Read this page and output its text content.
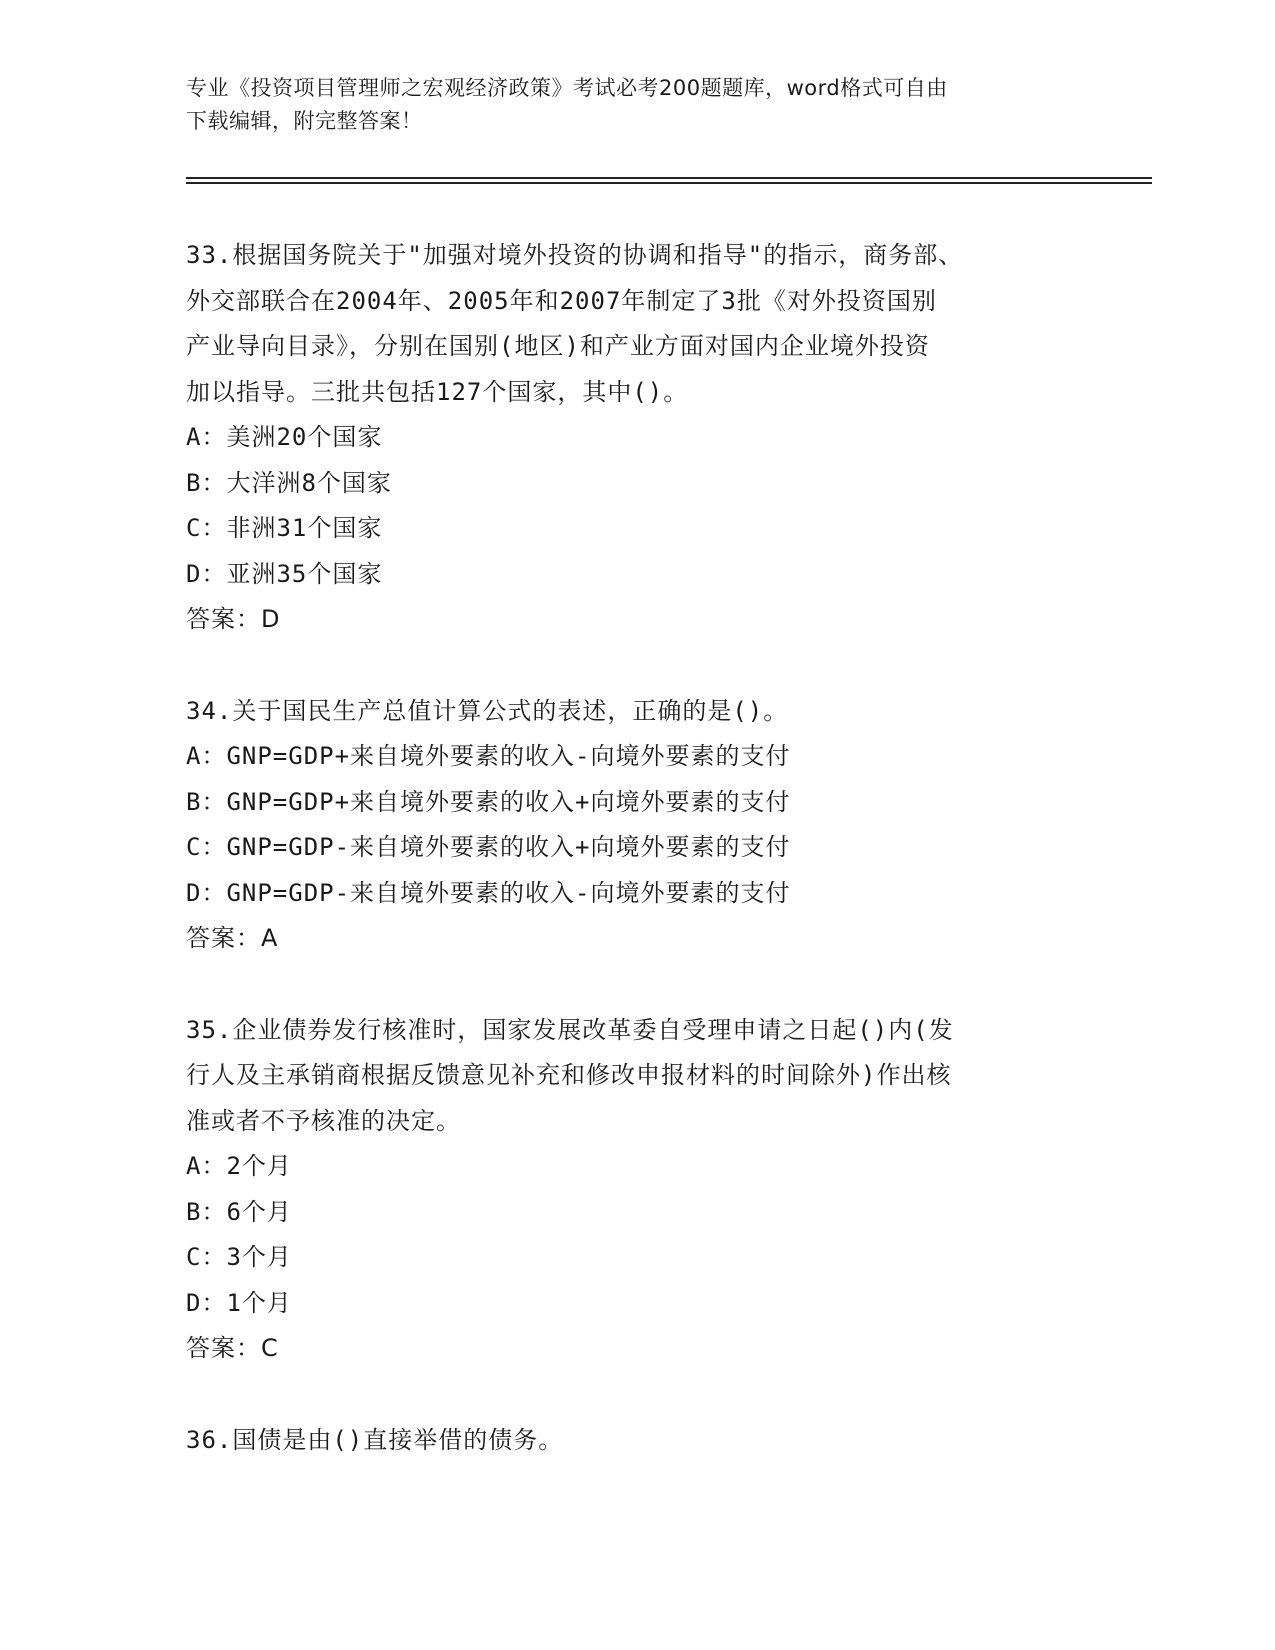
专业《投资项目管理师之宏观经济政策》考试必考200题题库，word格式可自由
下载编辑，附完整答案！
33.根据国务院关于"加强对境外投资的协调和指导"的指示，商务部、
外交部联合在2004年、2005年和2007年制定了3批《对外投资国别
产业导向目录》，分别在国别(地区)和产业方面对国内企业境外投资
加以指导。三批共包括127个国家，其中()。
A：美洲20个国家
B：大洋洲8个国家
C：非洲31个国家
D：亚洲35个国家
答案：D
34.关于国民生产总值计算公式的表述，正确的是()。
A：GNP=GDP+来自境外要素的收入-向境外要素的支付
B：GNP=GDP+来自境外要素的收入+向境外要素的支付
C：GNP=GDP-来自境外要素的收入+向境外要素的支付
D：GNP=GDP-来自境外要素的收入-向境外要素的支付
答案：A
35.企业债券发行核准时，国家发展改革委自受理申请之日起()内(发
行人及主承销商根据反馈意见补充和修改申报材料的时间除外)作出核
准或者不予核准的决定。
A：2个月
B：6个月
C：3个月
D：1个月
答案：C
36.国债是由()直接举借的债务。
